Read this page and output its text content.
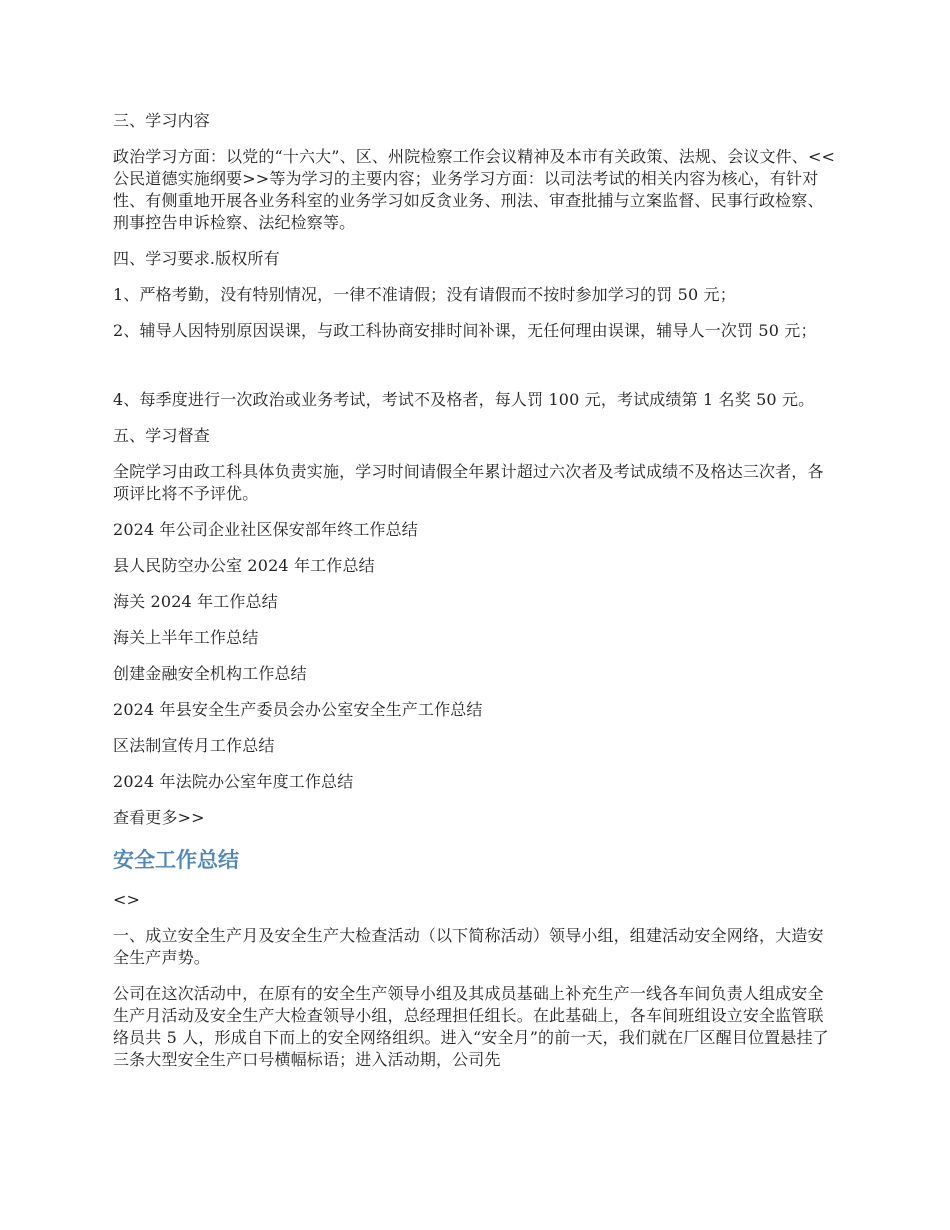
三、学习内容

政治学习方面：以党的“十六大”、区、州院检察工作会议精神及本市有关政策、法规、会议文件、<<公民道德实施纲要>>等为学习的主要内容；业务学习方面：以司法考试的相关内容为核心，有针对性、有侧重地开展各业务科室的业务学习如反贪业务、刑法、审查批捕与立案监督、民事行政检察、刑事控告申诉检察、法纪检察等。

四、学习要求.版权所有

1、严格考勤，没有特别情况，一律不准请假；没有请假而不按时参加学习的罚 50 元；

2、辅导人因特别原因误课，与政工科协商安排时间补课，无任何理由误课，辅导人一次罚 50 元；

4、每季度进行一次政治或业务考试，考试不及格者，每人罚 100 元，考试成绩第 1 名奖 50 元。

五、学习督查

全院学习由政工科具体负责实施，学习时间请假全年累计超过六次者及考试成绩不及格达三次者，各项评比将不予评优。

2024 年公司企业社区保安部年终工作总结

县人民防空办公室 2024 年工作总结

海关 2024 年工作总结

海关上半年工作总结

创建金融安全机构工作总结

2024 年县安全生产委员会办公室安全生产工作总结

区法制宣传月工作总结

2024 年法院办公室年度工作总结

查看更多>>

安全工作总结

<>

一、成立安全生产月及安全生产大检查活动（以下简称活动）领导小组，组建活动安全网络，大造安全生产声势。

公司在这次活动中，在原有的安全生产领导小组及其成员基础上补充生产一线各车间负责人组成安全生产月活动及安全生产大检查领导小组，总经理担任组长。在此基础上，各车间班组设立安全监管联络员共 5 人，形成自下而上的安全网络组织。进入“安全月”的前一天，我们就在厂区醒目位置悬挂了三条大型安全生产口号横幅标语；进入活动期，公司先
